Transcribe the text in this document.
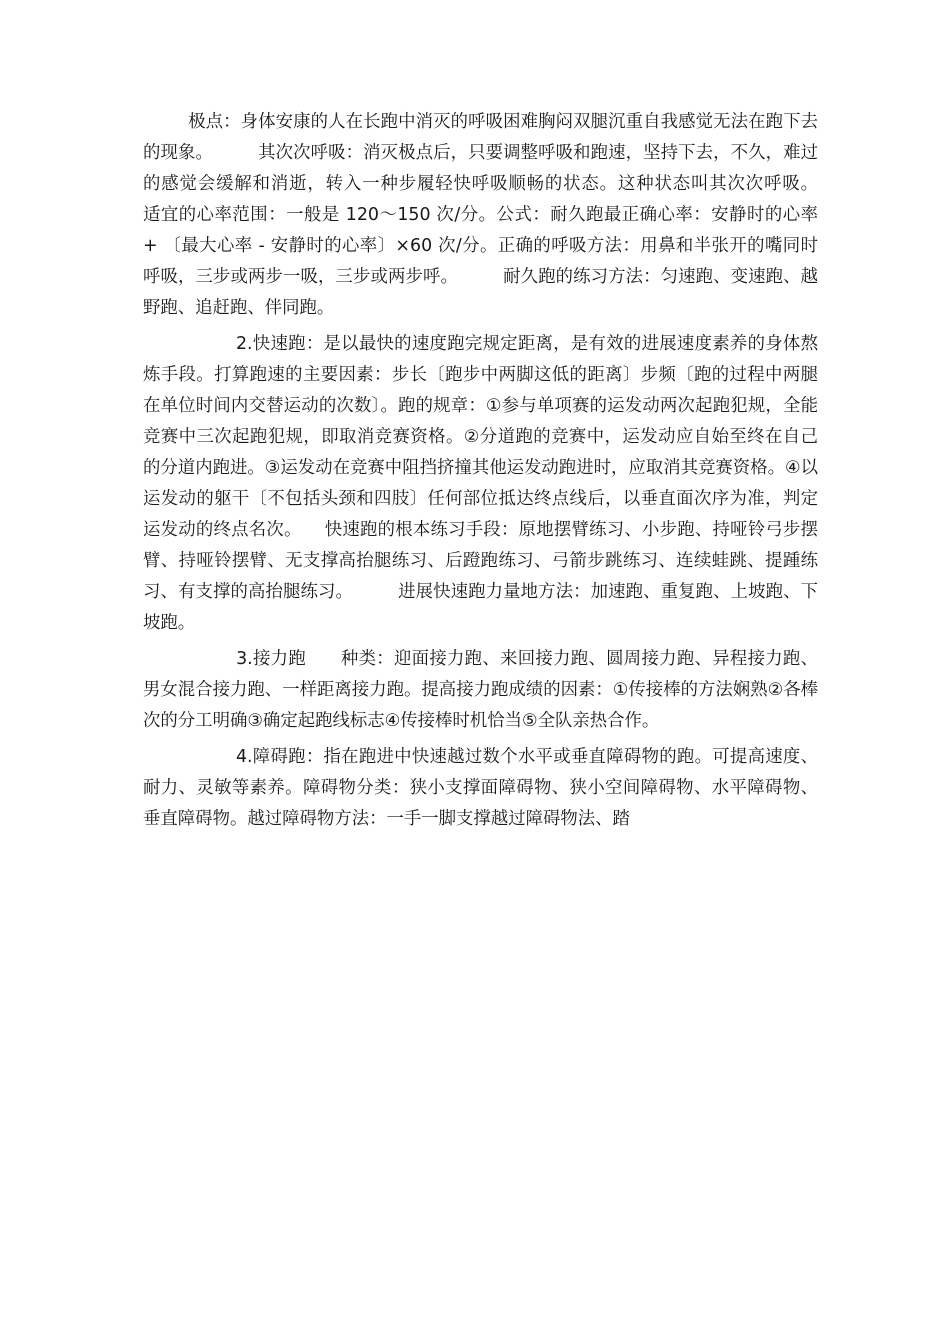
极点：身体安康的人在长跑中消灭的呼吸困难胸闷双腿沉重自我感觉无法在跑下去的现象。        其次次呼吸：消灭极点后，只要调整呼吸和跑速，坚持下去，不久，难过的感觉会缓解和消逝，转入一种步履轻快呼吸顺畅的状态。这种状态叫其次次呼吸。        适宜的心率范围：一般是 120～150 次/分。公式：耐久跑最正确心率：安静时的心率 + 〔最大心率 - 安静时的心率〕×60 次/分。正确的呼吸方法：用鼻和半张开的嘴同时呼吸，三步或两步一吸，三步或两步呼。        耐久跑的练习方法：匀速跑、变速跑、越野跑、追赶跑、伴同跑。

2.快速跑：是以最快的速度跑完规定距离，是有效的进展速度素养的身体熬炼手段。打算跑速的主要因素：步长〔跑步中两脚这低的距离〕步频〔跑的过程中两腿在单位时间内交替运动的次数〕。跑的规章：①参与单项赛的运发动两次起跑犯规，全能竞赛中三次起跑犯规，即取消竞赛资格。②分道跑的竞赛中，运发动应自始至终在自己的分道内跑进。③运发动在竞赛中阻挡挤撞其他运发动跑进时，应取消其竞赛资格。④以运发动的躯干〔不包括头颈和四肢〕任何部位抵达终点线后，以垂直面次序为准，判定运发动的终点名次。    快速跑的根本练习手段：原地摆臂练习、小步跑、持哑铃弓步摆臂、持哑铃摆臂、无支撑高抬腿练习、后蹬跑练习、弓箭步跳练习、连续蛙跳、提踵练习、有支撑的高抬腿练习。        进展快速跑力量地方法：加速跑、重复跑、上坡跑、下坡跑。

3.接力跑      种类：迎面接力跑、来回接力跑、圆周接力跑、异程接力跑、男女混合接力跑、一样距离接力跑。提高接力跑成绩的因素：①传接棒的方法娴熟②各棒次的分工明确③确定起跑线标志④传接棒时机恰当⑤全队亲热合作。

4.障碍跑：指在跑进中快速越过数个水平或垂直障碍物的跑。可提高速度、耐力、灵敏等素养。障碍物分类：狭小支撑面障碍物、狭小空间障碍物、水平障碍物、垂直障碍物。越过障碍物方法：一手一脚支撑越过障碍物法、踏
